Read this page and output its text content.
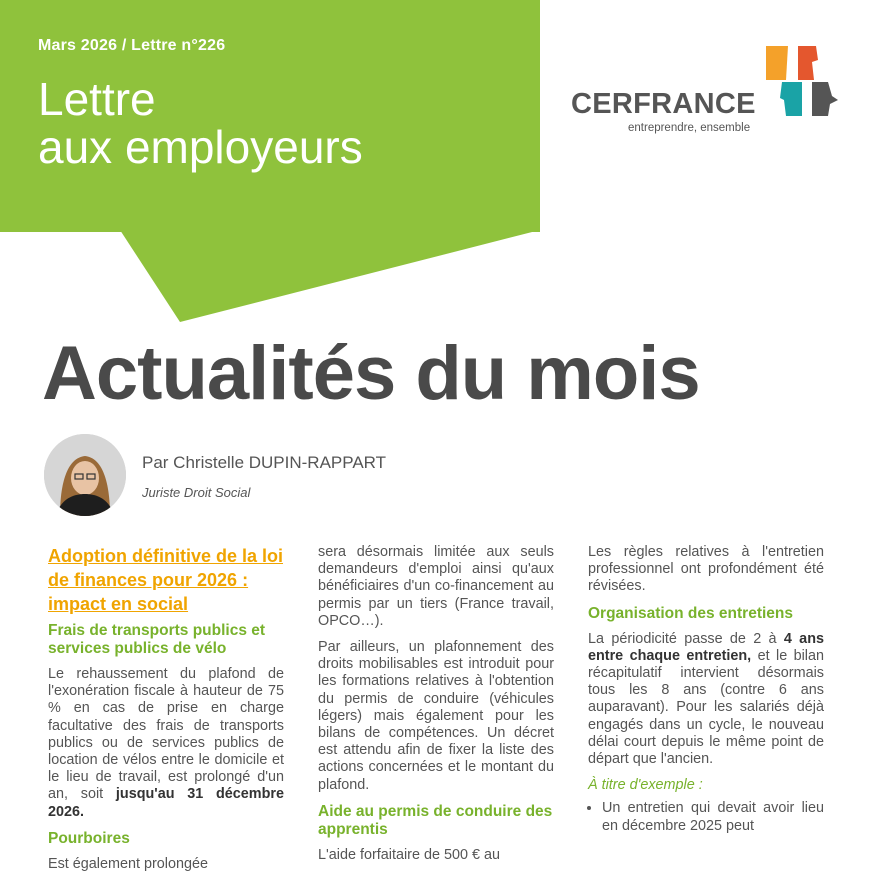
Mars 2026 / Lettre n°226
Lettre
aux employeurs
CERFRANCE
entreprendre, ensemble
Actualités du mois
Par Christelle DUPIN-RAPPART
Juriste Droit Social
Adoption définitive de la loi de finances pour 2026 : impact en social
Frais de transports publics et services publics de vélo

Le rehaussement du plafond de l'exonération fiscale à hauteur de 75 % en cas de prise en charge facultative des frais de transports publics ou de services publics de location de vélos entre le domicile et le lieu de travail, est prolongé d'un an, soit jusqu'au 31 décembre 2026.

Pourboires

Est également prolongée

sera désormais limitée aux seuls demandeurs d'emploi ainsi qu'aux bénéficiaires d'un co-financement au permis par un tiers (France travail, OPCO…).

Par ailleurs, un plafonnement des droits mobilisables est introduit pour les formations relatives à l'obtention du permis de conduire (véhicules légers) mais également pour les bilans de compétences. Un décret est attendu afin de fixer la liste des actions concernées et le montant du plafond.

Aide au permis de conduire des apprentis

L'aide forfaitaire de 500 € au

Les règles relatives à l'entretien professionnel ont profondément été révisées.

Organisation des entretiens

La périodicité passe de 2 à 4 ans entre chaque entretien, et le bilan récapitulatif intervient désormais tous les 8 ans (contre 6 ans auparavant). Pour les salariés déjà engagés dans un cycle, le nouveau délai court depuis le même point de départ que l'ancien.

À titre d'exemple :
• Un entretien qui devait avoir lieu en décembre 2025 peut
